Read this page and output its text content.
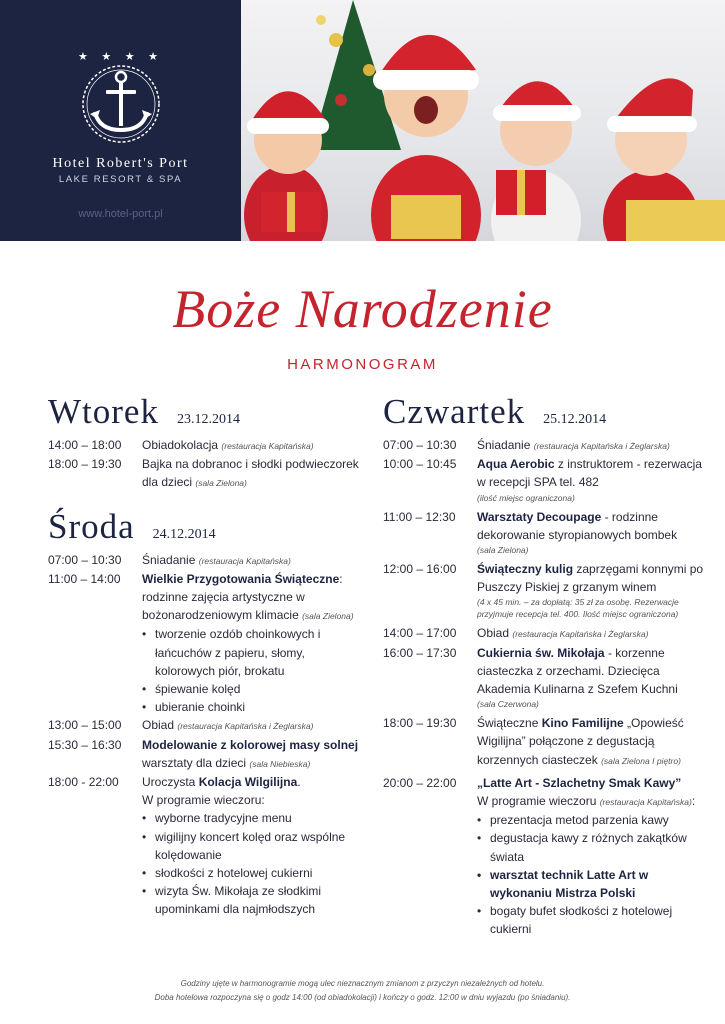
★ ★ ★ ★
Hotel Robert's Port
LAKE RESORT & SPA
www.hotel-port.pl
Boże Narodzenie
HARMONOGRAM
Wtorek 23.12.2014
14:00 – 18:00	Obiadokolacja (restauracja Kapitańska)
18:00 – 19:30	Bajka na dobranoc i słodki podwieczorek dla dzieci (sala Zielona)
Środa 24.12.2014
07:00 – 10:30	Śniadanie (restauracja Kapitańska)
11:00 – 14:00	Wielkie Przygotowania Świąteczne: rodzinne zajęcia artystyczne w bożonarodzeniowym klimacie (sala Zielona)
• tworzenie ozdób choinkowych i łańcuchów z papieru, słomy, kolorowych piór, brokatu
• śpiewanie kolęd
• ubieranie choinki
13:00 – 15:00	Obiad (restauracja Kapitańska i Żeglarska)
15:30 – 16:30	Modelowanie z kolorowej masy solnej
warsztaty dla dzieci (sala Niebieska)
18:00 - 22:00	Uroczysta Kolacja Wilgilijna.
W programie wieczoru:
• wyborne tradycyjne menu
• wigilijny koncert kolęd oraz wspólne kolędowanie
• słodkości z hotelowej cukierni
• wizyta Św. Mikołaja ze słodkimi upominkami dla najmłodszych
Czwartek 25.12.2014
07:00 – 10:30	Śniadanie (restauracja Kapitańska i Żeglarska)
10:00 – 10:45	Aqua Aerobic z instruktorem - rezerwacja w recepcji SPA tel. 482
(ilość miejsc ograniczona)
11:00 – 12:30	Warsztaty Decoupage - rodzinne dekorowanie styropianowych bombek
(sala Zielona)
12:00 – 16:00	Świąteczny kulig zaprzęgami konnymi po Puszczy Piskiej z grzanym winem
(4 x 45 min. – za dopłatą: 35 zł za osobę. Rezerwacje przyjmuje recepcja tel. 400. Ilość miejsc ograniczona)
14:00 – 17:00	Obiad (restauracja Kapitańska i Żeglarska)
16:00 – 17:30	Cukiernia św. Mikołaja - korzenne ciasteczka z orzechami. Dziecięca Akademia Kulinarna z Szefem Kuchni
(sala Czerwona)
18:00 – 19:30	Świąteczne Kino Familijne „Opowieść Wigilijna” połączone z degustacją korzennych ciasteczek (sala Zielona I piętro)
20:00 – 22:00	„Latte Art - Szlachetny Smak Kawy”
W programie wieczoru (restauracja Kapitańska):
• prezentacja metod parzenia kawy
• degustacja kawy z różnych zakątków świata
• warsztat technik Latte Art w wykonaniu Mistrza Polski
• bogaty bufet słodkości z hotelowej cukierni
Godziny ujęte w harmonogramie mogą ulec nieznacznym zmianom z przyczyn niezależnych od hotelu.
Doba hotelowa rozpoczyna się o godz 14:00 (od obiadokolacji) i kończy o godz. 12:00 w dniu wyjazdu (po śniadaniu).
